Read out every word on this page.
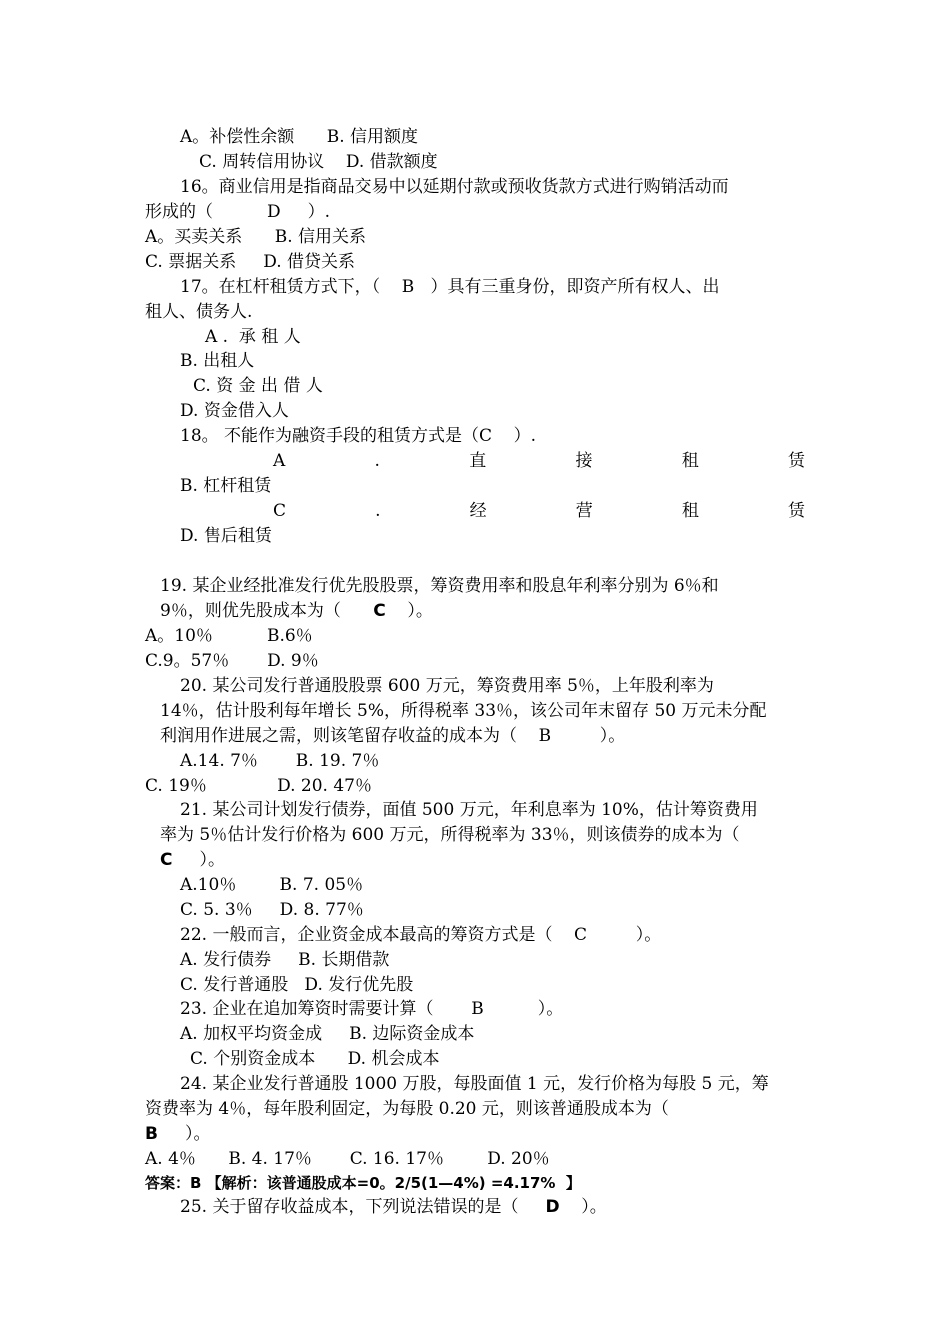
A。补偿性余额      B. 信用额度
C. 周转信用协议    D. 借款额度
16。商业信用是指商品交易中以延期付款或预收货款方式进行购销活动而
形成的（          D     ）.
A。买卖关系      B. 信用关系
C. 票据关系     D. 借贷关系
17。在杠杆租赁方式下，（    B   ）具有三重身份，即资产所有权人、出
租人、债务人.
A .  承 租 人
B. 出租人
C. 资 金 出 借 人
D. 资金借入人
18。 不能作为融资手段的租赁方式是（C    ）.
A	.	直	接	租	赁
B. 杠杆租赁
C	.	经	营	租	赁
D. 售后租赁
19. 某企业经批准发行优先股股票，筹资费用率和股息年利率分别为 6％和
9％，则优先股成本为（      C    ）。
A。10％          B.6％
C.9。57％       D. 9％
20. 某公司发行普通股股票 600 万元，筹资费用率 5％，上年股利率为
14％，估计股利每年增长 5%，所得税率 33％，该公司年末留存 50 万元未分配
利润用作进展之需，则该笔留存收益的成本为（    B         ）。
A.14. 7％       B. 19. 7％
C. 19％             D. 20. 47％
21. 某公司计划发行债券，面值 500 万元，年利息率为 10%，估计筹资费用
率为 5％估计发行价格为 600 万元，所得税率为 33％，则该债券的成本为（
C     ）。
A.10％        B. 7. 05％
C. 5. 3％     D. 8. 77％
22. 一般而言，企业资金成本最高的筹资方式是（    C         ）。
A. 发行债券     B. 长期借款
C. 发行普通股   D. 发行优先股
23. 企业在追加筹资时需要计算（       B          ）。
A. 加权平均资金成     B. 边际资金成本
C. 个别资金成本      D. 机会成本
24. 某企业发行普通股 1000 万股，每股面值 1 元，发行价格为每股 5 元，筹
资费率为 4％，每年股利固定，为每股 0.20 元，则该普通股成本为（
B     ）。
A. 4％      B. 4. 17％       C. 16. 17％        D. 20％
答案：B 【解析：该普通股成本=0。2/5(1—4%) =4.17%  】
25. 关于留存收益成本，下列说法错误的是（     D    ）。
